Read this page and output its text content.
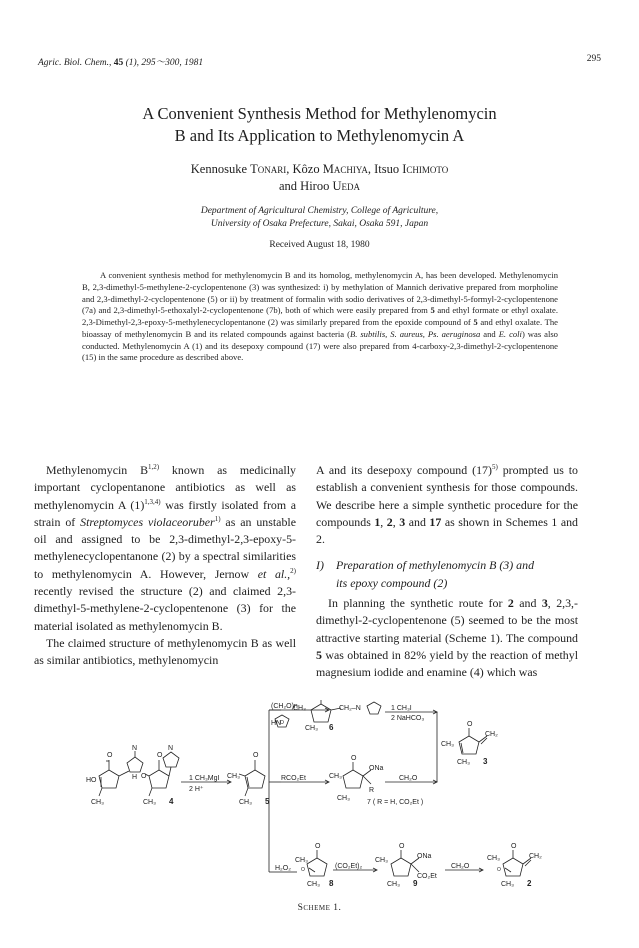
Agric. Biol. Chem., 45 (1), 295～300, 1981	295
A Convenient Synthesis Method for Methylenomycin
B and Its Application to Methylenomycin A
Kennosuke Tonari, Kôzo Machiya, Itsuo Ichimoto
and Hiroo Ueda
Department of Agricultural Chemistry, College of Agriculture,
University of Osaka Prefecture, Sakai, Osaka 591, Japan
Received August 18, 1980

A convenient synthesis method for methylenomycin B and its homolog, methylenomycin A, has been developed. Methylenomycin B, 2,3-dimethyl-5-methylene-2-cyclopentenone (3) was synthesized: i) by methylation of Mannich derivative prepared from morpholine and 2,3-dimethyl-2-cyclopentenone (5) or ii) by treatment of formalin with sodio derivatives of 2,3-dimethyl-5-formyl-2-cyclopentenone (7a) and 2,3-dimethyl-5-ethoxalyl-2-cyclopentenone (7b), both of which were easily prepared from 5 and ethyl formate or ethyl oxalate. 2,3-Dimethyl-2,3-epoxy-5-methylenecyclopentanone (2) was similarly prepared from the epoxide compound of 5 and ethyl oxalate. The bioassay of methylenomycin B and its related compounds against bacteria (B. subtilis, S. aureus, Ps. aeruginosa and E. coli) was also conducted. Methylenomycin A (1) and its desepoxy compound (17) were also prepared from 4-carboxy-2,3-dimethyl-2-cyclopentenone (15) in the same procedure as described above.

Methylenomycin B$^{1,2)}$ known as medicinally important cyclopentanone antibiotics as well as methylenomycin A $(1)^{1,3,4)}$ was firstly isolated from a strain of Streptomyces violaceoruber$^{1)}$ as an unstable oil and assigned to be 2,3-dimethyl-2,3-epoxy-5-methylenecyclopentanone (2) by a spectral similarities to methylenomycin A. However, Jernow et al.,$^{2)}$ recently revised the structure (2) and claimed 2,3-dimethyl-5-methylene-2-cyclopentenone (3) for the material isolated as methylenomycin B.

The claimed structure of methylenomycin B as well as similar antibiotics, methylenomycin

A and its desepoxy compound $(17)^{5)}$ prompted us to establish a convenient synthesis for those compounds. We describe here a simple synthetic procedure for the compounds 1, 2, 3 and 17 as shown in Schemes 1 and 2.

I) Preparation of methylenomycin B (3) and
its epoxy compound (2)

In planning the synthetic route for 2 and 3, 2,3,-dimethyl-2-cyclopentenone (5) seemed to be the most attractive starting material (Scheme 1). The compound 5 was obtained in 82% yield by the reaction of methyl magnesium iodide and enamine (4) which was

O
HO
N
H
CH₃
O
O
N
CH₃ 4
1 CH₃MgI
2 H⁺
O
CH₃
CH₃ 5
(CH₂O)n
HN
O
CH₃	CH₂–N
CH₃ 6
1 CH₃I
2 NaHCO₃
O
CH₃
CH₂
CH₃ 3
RCO₂Et
O
CH₃
ONa
R
CH₃
7 ( R = H, CO₂Et )
CH₂O
H₂O₂
O
CH₃
O
CH₃ 8
(CO₂Et)₂
O
CH₃
ONa
CO₂Et
CH₃ 9
CH₂O
O
CH₃	CH₂
O
CH₃ 2
Scheme 1.
